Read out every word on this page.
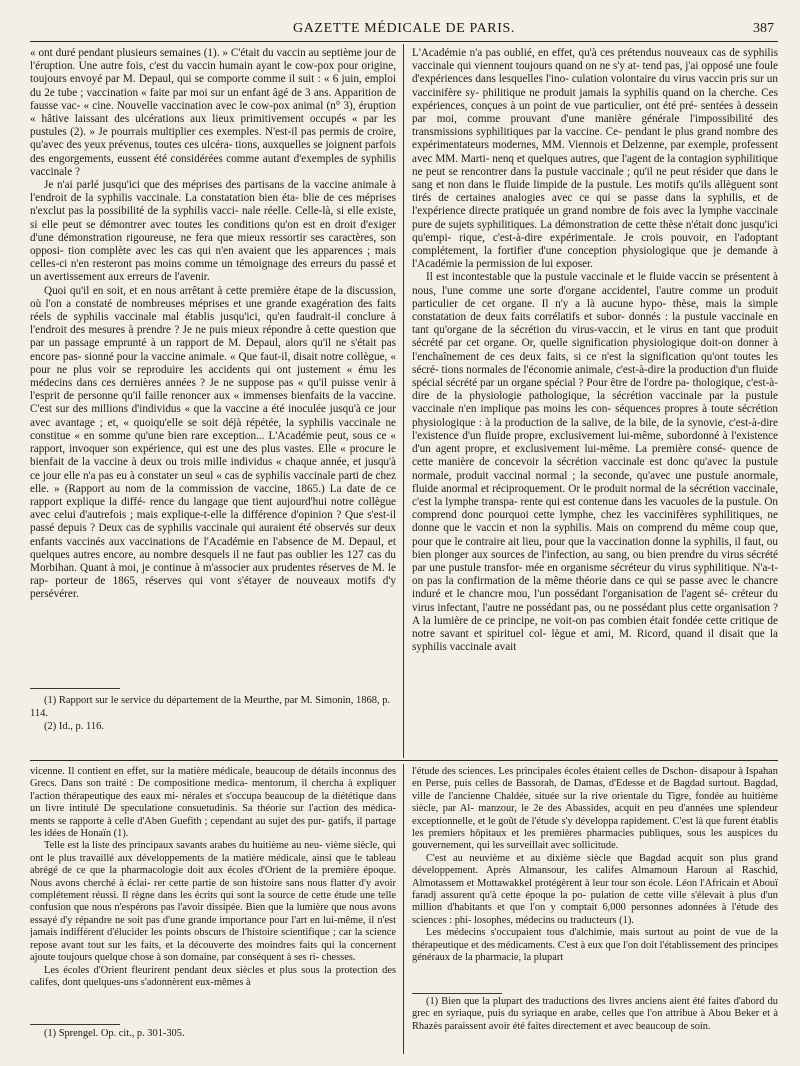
GAZETTE MÉDICALE DE PARIS.	387

« ont duré pendant plusieurs semaines (1). » C'était du vaccin au septième jour de l'éruption. Une autre fois, c'est du vaccin humain ayant le cow-pox pour origine, toujours envoyé par M. Depaul, qui se comporte comme il suit : « 6 juin, emploi du 2e tube ; vaccination « faite par moi sur un enfant âgé de 3 ans. Apparition de fausse vac- « cine. Nouvelle vaccination avec le cow-pox animal (n° 3), éruption « hâtive laissant des ulcérations aux lieux primitivement occupés « par les pustules (2). » Je pourrais multiplier ces exemples. N'est-il pas permis de croire, qu'avec des yeux prévenus, toutes ces ulcéra- tions, auxquelles se joignent parfois des engorgements, eussent été considérées comme autant d'exemples de syphilis vaccinale ?

Je n'ai parlé jusqu'ici que des méprises des partisans de la vaccine animale à l'endroit de la syphilis vaccinale. La constatation bien éta- blie de ces méprises n'exclut pas la possibilité de la syphilis vacci- nale réelle. Celle-là, si elle existe, si elle peut se démontrer avec toutes les conditions qu'on est en droit d'exiger d'une démonstration rigoureuse, ne fera que mieux ressortir ses caractères, son opposi- tion complète avec les cas qui n'en avaient que les apparences ; mais celles-ci n'en resteront pas moins comme un témoignage des erreurs du passé et un avertissement aux erreurs de l'avenir.

Quoi qu'il en soit, et en nous arrêtant à cette première étape de la discussion, où l'on a constaté de nombreuses méprises et une grande exagération des faits réels de syphilis vaccinale mal établis jusqu'ici, qu'en faudrait-il conclure à l'endroit des mesures à prendre ? Je ne puis mieux répondre à cette question que par un passage emprunté à un rapport de M. Depaul, alors qu'il ne s'était pas encore pas- sionné pour la vaccine animale. « Que faut-il, disait notre collègue, « pour ne plus voir se reproduire les accidents qui ont justement « ému les médecins dans ces dernières années ? Je ne suppose pas « qu'il puisse venir à l'esprit de personne qu'il faille renoncer aux « immenses bienfaits de la vaccine. C'est sur des millions d'individus « que la vaccine a été inoculée jusqu'à ce jour avec avantage ; et, « quoiqu'elle se soit déjà répétée, la syphilis vaccinale ne constitue « en somme qu'une bien rare exception... L'Académie peut, sous ce « rapport, invoquer son expérience, qui est une des plus vastes. Elle « procure le bienfait de la vaccine à deux ou trois mille individus « chaque année, et jusqu'à ce jour elle n'a pas eu à constater un seul « cas de syphilis vaccinale parti de chez elle. » (Rapport au nom de la commission de vaccine, 1865.) La date de ce rapport explique la diffé- rence du langage que tient aujourd'hui notre collègue avec celui d'autrefois ; mais explique-t-elle la différence d'opinion ? Que s'est-il passé depuis ? Deux cas de syphilis vaccinale qui auraient été observés sur deux enfants vaccinés aux vaccinations de l'Académie en l'absence de M. Depaul, et quelques autres encore, au nombre desquels il ne faut pas oublier les 127 cas du Morbihan. Quant à moi, je continue à m'associer aux prudentes réserves de M. le rap- porteur de 1865, réserves qui vont s'étayer de nouveaux motifs d'y persévérer.

(1) Rapport sur le service du département de la Meurthe, par M. Simonin, 1868, p. 114.

(2) Id., p. 116.

L'Académie n'a pas oublié, en effet, qu'à ces prétendus nouveaux cas de syphilis vaccinale qui viennent toujours quand on ne s'y at- tend pas, j'ai opposé une foule d'expériences dans lesquelles l'ino- culation volontaire du virus vaccin pris sur un vaccinifère sy- philitique ne produit jamais la syphilis quand on la cherche. Ces expériences, conçues à un point de vue particulier, ont été pré- sentées à dessein par moi, comme prouvant d'une manière générale l'impossibilité des transmissions syphilitiques par la vaccine. Ce- pendant le plus grand nombre des expérimentateurs modernes, MM. Viennois et Delzenne, par exemple, professent avec MM. Marti- nenq et quelques autres, que l'agent de la contagion syphilitique ne peut se rencontrer dans la pustule vaccinale ; qu'il ne peut résider que dans le sang et non dans le fluide limpide de la pustule. Les motifs qu'ils allèguent sont tirés de certaines analogies avec ce qui se passe dans la syphilis, et de l'expérience directe pratiquée un grand nombre de fois avec la lymphe vaccinale pure de sujets syphilitiques. La démonstration de cette thèse n'était donc jusqu'ici qu'empi- rique, c'est-à-dire expérimentale. Je crois pouvoir, en l'adoptant complétement, la fortifier d'une conception physiologique que je demande à l'Académie la permission de lui exposer.

Il est incontestable que la pustule vaccinale et le fluide vaccin se présentent à nous, l'une comme une sorte d'organe accidentel, l'autre comme un produit particulier de cet organe. Il n'y a là aucune hypo- thèse, mais la simple constatation de deux faits corrélatifs et subor- donnés : la pustule vaccinale en tant qu'organe de la sécrétion du virus-vaccin, et le virus en tant que produit sécrété par cet organe. Or, quelle signification physiologique doit-on donner à l'enchaînement de ces deux faits, si ce n'est la signification qu'ont toutes les sécré- tions normales de l'économie animale, c'est-à-dire la production d'un fluide spécial sécrété par un organe spécial ? Pour être de l'ordre pa- thologique, c'est-à-dire de la physiologie pathologique, la sécrétion vaccinale par la pustule vaccinale n'en implique pas moins les con- séquences propres à toute sécrétion physiologique : à la production de la salive, de la bile, de la synovie, c'est-à-dire l'existence d'un fluide propre, exclusivement lui-même, subordonné à l'existence d'un agent propre, et exclusivement lui-même. La première consé- quence de cette manière de concevoir la sécrétion vaccinale est donc qu'avec la pustule normale, produit vaccinal normal ; la seconde, qu'avec une pustule anormale, fluide anormal et réciproquement. Or le produit normal de la sécrétion vaccinale, c'est la lymphe transpa- rente qui est contenue dans les vacuoles de la pustule. On comprend donc pourquoi cette lymphe, chez les vaccinifères syphilitiques, ne donne que le vaccin et non la syphilis. Mais on comprend du même coup que, pour que le contraire ait lieu, pour que la vaccination donne la syphilis, il faut, ou bien plonger aux sources de l'infection, au sang, ou bien prendre du virus sécrété par une pustule transfor- mée en organisme sécréteur du virus syphilitique. N'a-t-on pas la confirmation de la même théorie dans ce qui se passe avec le chancre induré et le chancre mou, l'un possédant l'organisation de l'agent sé- créteur du virus infectant, l'autre ne possédant pas, ou ne possédant plus cette organisation ? A la lumière de ce principe, ne voit-on pas combien était fondée cette critique de notre savant et spirituel col- lègue et ami, M. Ricord, quand il disait que la syphilis vaccinale avait

vicenne. Il contient en effet, sur la matière médicale, beaucoup de détails inconnus des Grecs. Dans son traité : De compositione medica- mentorum, il chercha à expliquer l'action thérapeutique des eaux mi- nérales et s'occupa beaucoup de la diététique dans un livre intitulé De speculatione consuetudinis. Sa théorie sur l'action des médica- ments se rapporte à celle d'Aben Guefith ; cependant au sujet des pur- gatifs, il partage les idées de Honaïn (1).

Telle est la liste des principaux savants arabes du huitième au neu- vième siècle, qui ont le plus travaillé aux développements de la matière médicale, ainsi que le tableau abrégé de ce que la pharmacologie doit aux écoles d'Orient de la première époque. Nous avons cherché à éclai- rer cette partie de son histoire sans nous flatter d'y avoir complétement réussi. Il règne dans les écrits qui sont la source de cette étude une telle confusion que nous n'espérons pas l'avoir dissipée. Bien que la lumière que nous avons essayé d'y répandre ne soit pas d'une grande importance pour l'art en lui-même, il n'est jamais indifférent d'élucider les points obscurs de l'histoire scientifique ; car la science repose avant tout sur les faits, et la découverte des moindres faits qui la concernent ajoute toujours quelque chose à son domaine, par conséquent à ses ri- chesses.

Les écoles d'Orient fleurirent pendant deux siècles et plus sous la protection des califes, dont quelques-uns s'adonnèrent eux-mêmes à

(1) Sprengel. Op. cit., p. 301-305.

l'étude des sciences. Les principales écoles étaient celles de Dschon- disapour à Ispahan en Perse, puis celles de Bassorah, de Damas, d'Edesse et de Bagdad surtout. Bagdad, ville de l'ancienne Chaldée, située sur la rive orientale du Tigre, fondée au huitième siècle, par Al- manzour, le 2e des Abassides, acquit en peu d'années une splendeur exceptionnelle, et le goût de l'étude s'y développa rapidement. C'est là que furent établis les premiers hôpitaux et les premières pharmacies publiques, sous les auspices du gouvernement, qui les surveillait avec sollicitude.

C'est au neuvième et au dixième siècle que Bagdad acquit son plus grand développement. Après Almansour, les califes Almamoun Haroun al Raschid, Almotassem et Mottawakkel protégèrent à leur tour son école. Léon l'Africain et Abouï faradj assurent qu'à cette époque la po- pulation de cette ville s'élevait à plus d'un million d'habitants et que l'on y comptait 6,000 personnes adonnées à l'étude des sciences : phi- losophes, médecins ou traducteurs (1).

Les médecins s'occupaient tous d'alchimie, mais surtout au point de vue de la thérapeutique et des médicaments. C'est à eux que l'on doit l'établissement des principes généraux de la pharmacie, la plupart

(1) Bien que la plupart des traductions des livres anciens aient été faites d'abord du grec en syriaque, puis du syriaque en arabe, celles que l'on attribue à Abou Beker et à Rhazès paraissent avoir été faites directement et avec beaucoup de soin.
